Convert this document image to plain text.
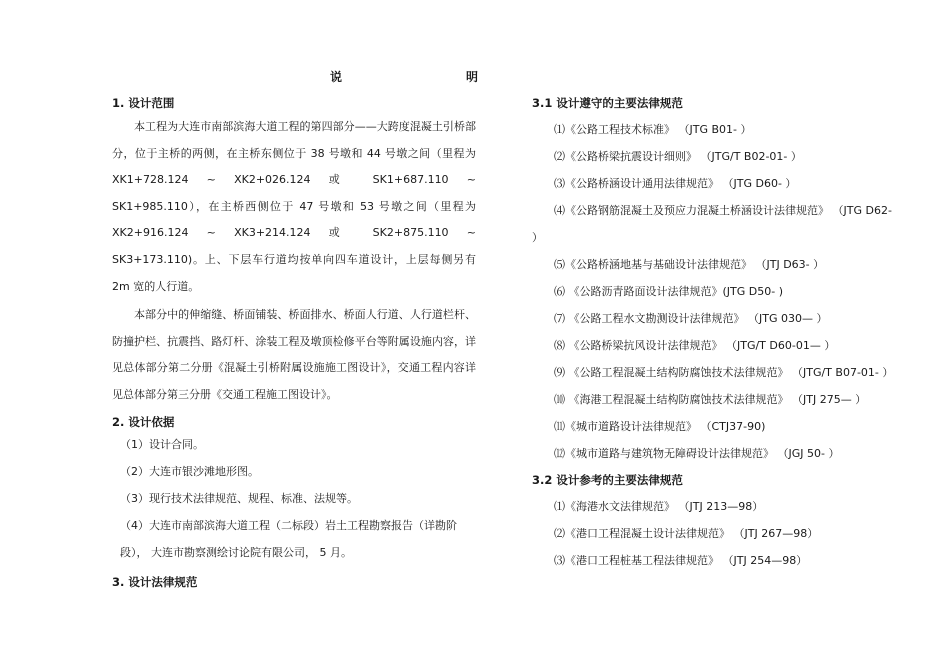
说	明

1. 设计范围

本工程为大连市南部滨海大道工程的第四部分——大跨度混凝土引桥部分，位于主桥的两侧，在主桥东侧位于 38 号墩和 44 号墩之间（里程为 XK1+728.124 ~ XK2+026.124 或 SK1+687.110 ~ SK1+985.110），在主桥西侧位于 47 号墩和 53 号墩之间（里程为 XK2+916.124 ~ XK3+214.124 或 SK2+875.110 ~ SK3+173.110)。上、下层车行道均按单向四车道设计，上层每侧另有 2m 宽的人行道。

本部分中的伸缩缝、桥面铺装、桥面排水、桥面人行道、人行道栏杆、防撞护栏、抗震挡、路灯杆、涂装工程及墩顶检修平台等附属设施内容，详见总体部分第二分册《混凝土引桥附属设施施工图设计》，交通工程内容详见总体部分第三分册《交通工程施工图设计》。

2. 设计依据

（1）设计合同。

（2）大连市银沙滩地形图。

（3）现行技术法律规范、规程、标准、法规等。

（4）大连市南部滨海大道工程（二标段）岩土工程勘察报告（详勘阶段）， 大连市勘察测绘讨论院有限公司， 5 月。

3. 设计法律规范

3.1 设计遵守的主要法律规范

⑴《公路工程技术标准》 （JTG B01- ）

⑵《公路桥梁抗震设计细则》 （JTG/T B02-01- ）

⑶《公路桥涵设计通用法律规范》 （JTG D60- ）

⑷《公路钢筋混凝土及预应力混凝土桥涵设计法律规范》 （JTG D62- ）

⑸《公路桥涵地基与基础设计法律规范》 （JTJ D63- ）

⑹ 《公路沥青路面设计法律规范》(JTG D50- )

⑺ 《公路工程水文勘测设计法律规范》 （JTG 030— ）

⑻ 《公路桥梁抗风设计法律规范》 （JTG/T D60-01— ）

⑼ 《公路工程混凝土结构防腐蚀技术法律规范》 （JTG/T B07-01- ）

⑽ 《海港工程混凝土结构防腐蚀技术法律规范》 （JTJ 275— ）

⑾《城市道路设计法律规范》 （CTJ37-90)

⑿《城市道路与建筑物无障碍设计法律规范》 （JGJ 50- ）

3.2 设计参考的主要法律规范

⑴《海港水文法律规范》 （JTJ 213—98）

⑵《港口工程混凝土设计法律规范》 （JTJ 267—98）

⑶《港口工程桩基工程法律规范》 （JTJ 254—98）
